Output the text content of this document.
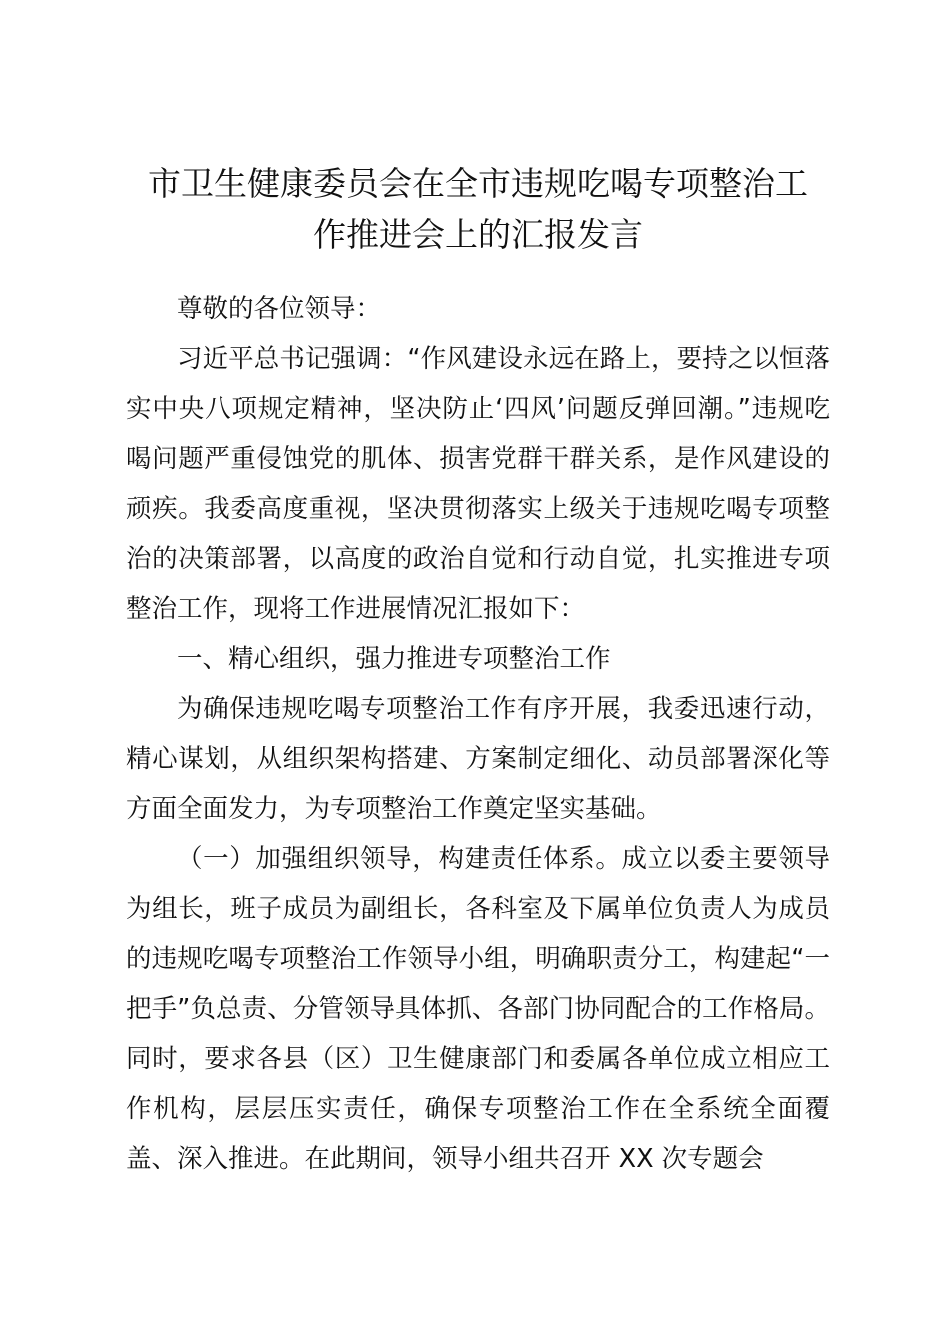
市卫生健康委员会在全市违规吃喝专项整治工
作推进会上的汇报发言

尊敬的各位领导：

习近平总书记强调：“作风建设永远在路上，要持之以恒落实中央八项规定精神，坚决防止‘四风’问题反弹回潮。”违规吃喝问题严重侵蚀党的肌体、损害党群干群关系，是作风建设的顽疾。我委高度重视，坚决贯彻落实上级关于违规吃喝专项整治的决策部署，以高度的政治自觉和行动自觉，扎实推进专项整治工作，现将工作进展情况汇报如下：

一、精心组织，强力推进专项整治工作

为确保违规吃喝专项整治工作有序开展，我委迅速行动，精心谋划，从组织架构搭建、方案制定细化、动员部署深化等方面全面发力，为专项整治工作奠定坚实基础。

（一）加强组织领导，构建责任体系。成立以委主要领导为组长，班子成员为副组长，各科室及下属单位负责人为成员的违规吃喝专项整治工作领导小组，明确职责分工，构建起“一把手”负总责、分管领导具体抓、各部门协同配合的工作格局。同时，要求各县（区）卫生健康部门和委属各单位成立相应工作机构，层层压实责任，确保专项整治工作在全系统全面覆盖、深入推进。在此期间，领导小组共召开 XX 次专题会
